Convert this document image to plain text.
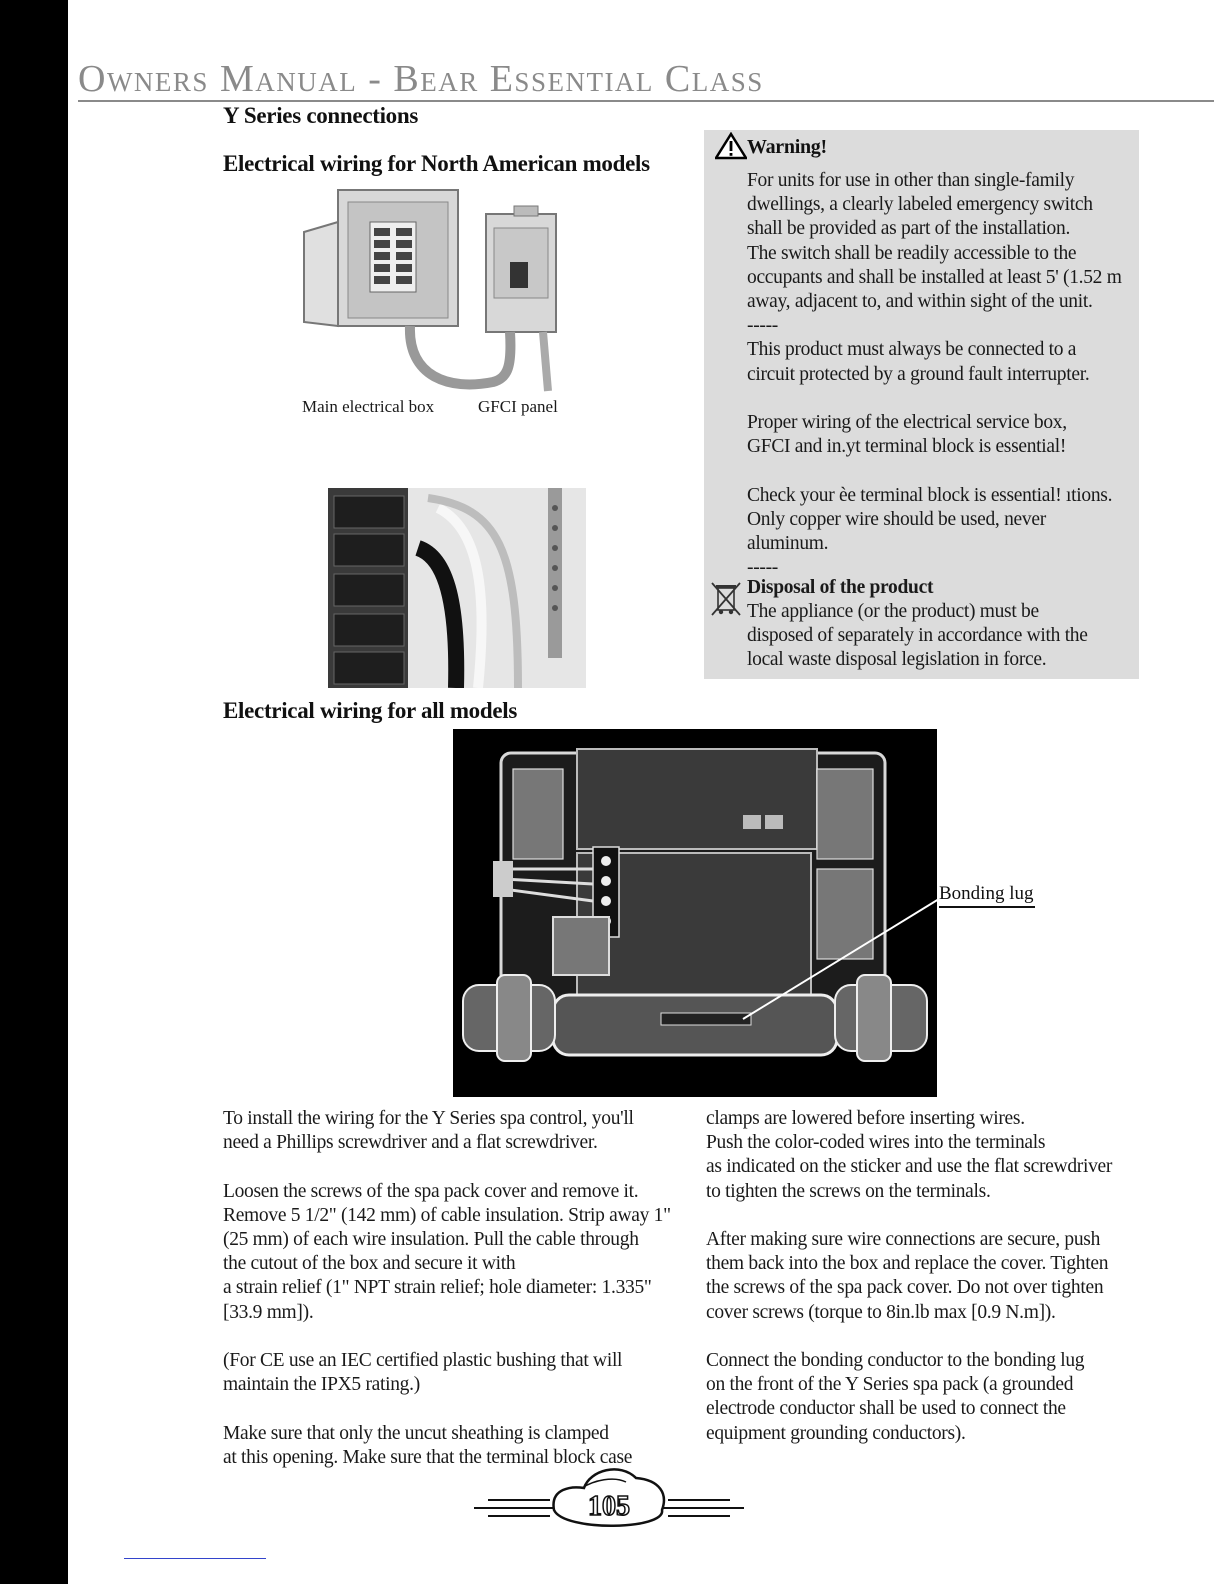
Owners Manual - Bear Essential Class
Y Series connections
Electrical wiring for North American models
Main electrical box	GFCI panel
Warning!
For units for use in other than single-family
dwellings, a clearly labeled emergency switch
shall be provided as part of the installation.
The switch shall be readily accessible to the
occupants and shall be installed at least 5' (1.52 m
away, adjacent to, and within sight of the unit.
-----
This product must always be connected to a
circuit protected by a ground fault interrupter.

Proper wiring of the electrical service box,
GFCI and in.yt terminal block is essential!

Check your èe terminal block is essential! ıtions.
Only copper wire should be used, never
aluminum.
-----
Disposal of the product
The appliance (or the product) must be
disposed of separately in accordance with the
local waste disposal legislation in force.
Electrical wiring for all models
Bonding lug
To install the wiring for the Y Series spa control, you'll
need a Phillips screwdriver and a flat screwdriver.

Loosen the screws of the spa pack cover and remove it.
Remove 5 1/2" (142 mm) of cable insulation. Strip away 1"
(25 mm) of each wire insulation. Pull the cable through
the cutout of the box and secure it with
a strain relief (1" NPT strain relief; hole diameter: 1.335"
[33.9 mm]).

(For CE use an IEC certified plastic bushing that will
maintain the IPX5 rating.)

Make sure that only the uncut sheathing is clamped
at this opening. Make sure that the terminal block case
clamps are lowered before inserting wires.
Push the color-coded wires into the terminals
as indicated on the sticker and use the flat screwdriver
to tighten the screws on the terminals.

After making sure wire connections are secure, push
them back into the box and replace the cover. Tighten
the screws of the spa pack cover. Do not over tighten
cover screws (torque to 8in.lb max [0.9 N.m]).

Connect the bonding conductor to the bonding lug
on the front of the Y Series spa pack (a grounded
electrode conductor shall be used to connect the
equipment grounding conductors).
105
